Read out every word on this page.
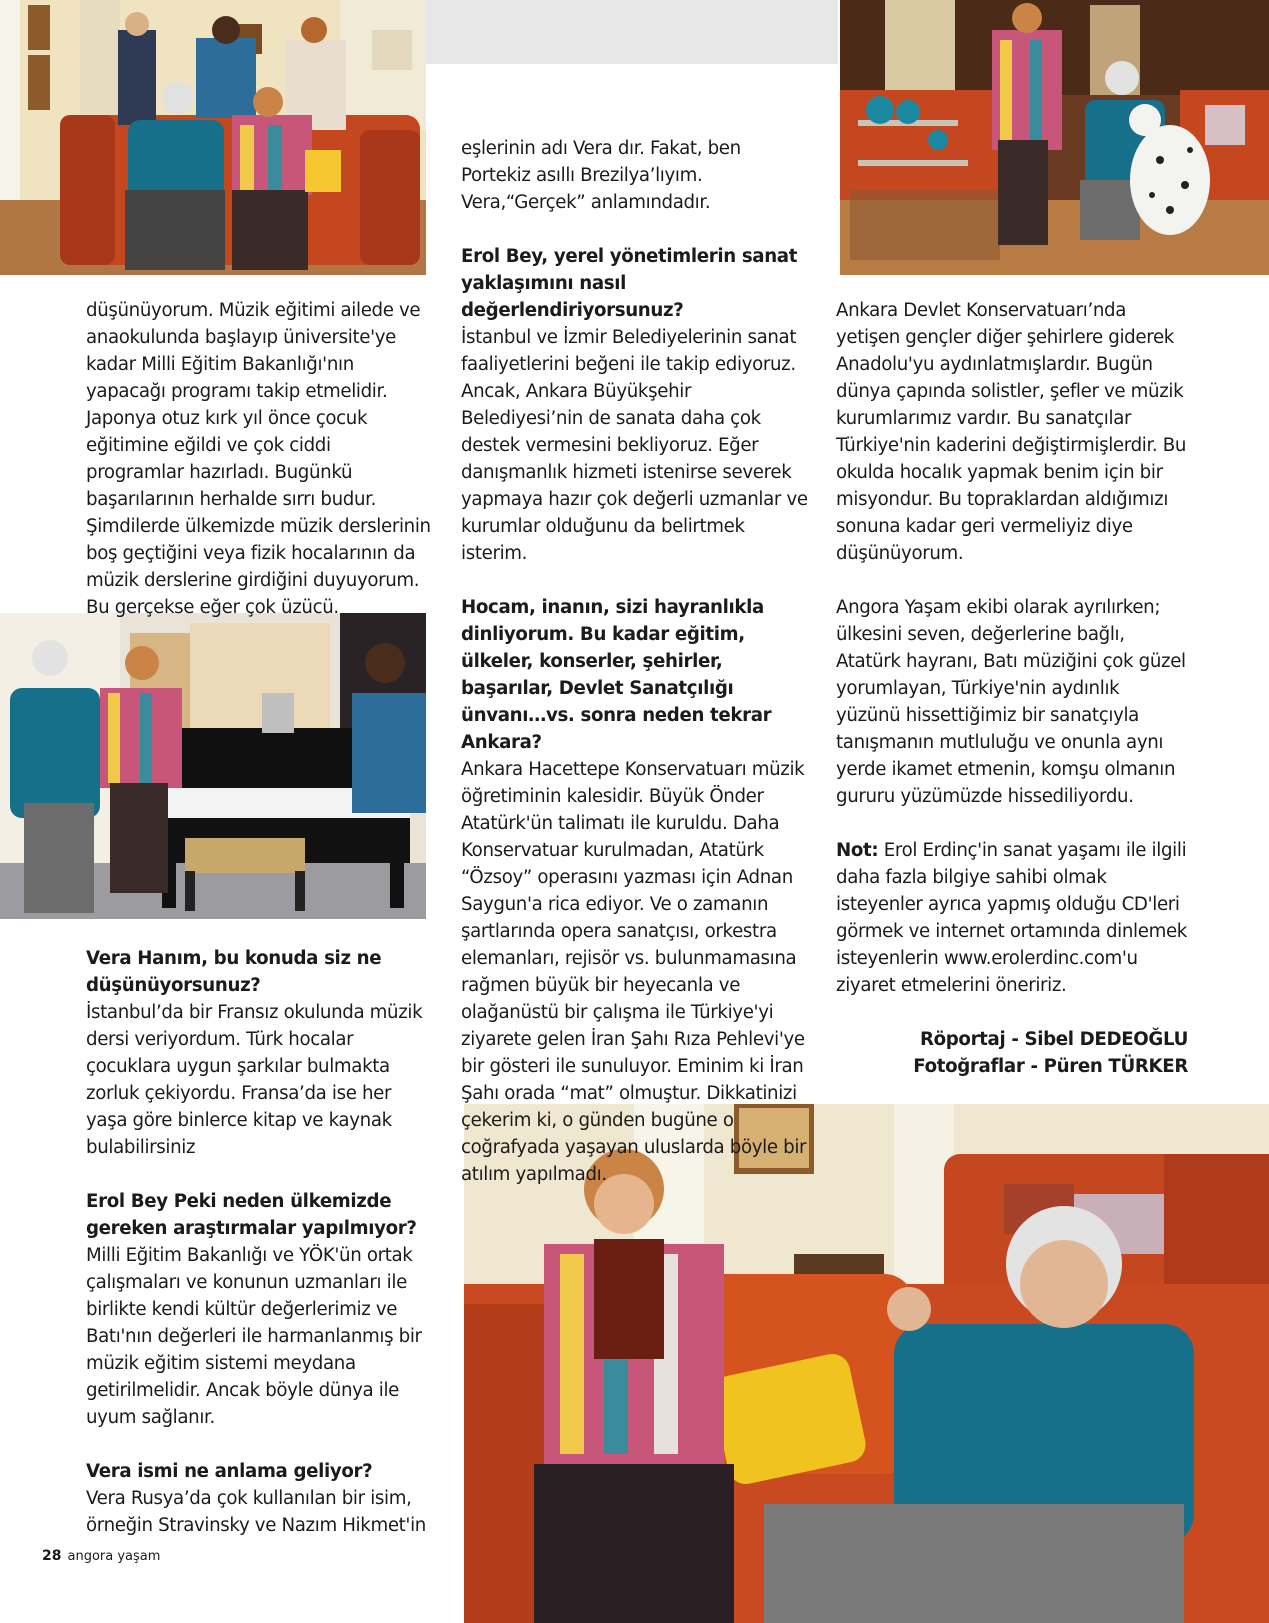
düşünüyorum. Müzik eğitimi ailede ve anaokulunda başlayıp üniversite'ye kadar Milli Eğitim Bakanlığı'nın yapacağı programı takip etmelidir. Japonya otuz kırk yıl önce çocuk eğitimine eğildi ve çok ciddi programlar hazırladı. Bugünkü başarılarının herhalde sırrı budur. Şimdilerde ülkemizde müzik derslerinin boş geçtiğini veya fizik hocalarının da müzik derslerine girdiğini duyuyorum. Bu gerçekse eğer çok üzücü.

Vera Hanım, bu konuda siz ne düşünüyorsunuz?

İstanbul’da bir Fransız okulunda müzik dersi veriyordum. Türk hocalar çocuklara uygun şarkılar bulmakta zorluk çekiyordu. Fransa’da ise her yaşa göre binlerce kitap ve kaynak bulabilirsiniz

Erol Bey Peki neden ülkemizde gereken araştırmalar yapılmıyor?

Milli Eğitim Bakanlığı ve YÖK'ün ortak çalışmaları ve konunun uzmanları ile birlikte kendi kültür değerlerimiz ve Batı'nın değerleri ile harmanlanmış bir müzik eğitim sistemi meydana getirilmelidir. Ancak böyle dünya ile uyum sağlanır.

Vera ismi ne anlama geliyor?

Vera Rusya’da çok kullanılan bir isim, örneğin Stravinsky ve Nazım Hikmet'in

eşlerinin adı Vera dır. Fakat, ben Portekiz asıllı Brezilya’lıyım. Vera,“Gerçek” anlamındadır.

Erol Bey, yerel yönetimlerin sanat yaklaşımını nasıl değerlendiriyorsunuz?

İstanbul ve İzmir Belediyelerinin sanat faaliyetlerini beğeni ile takip ediyoruz. Ancak, Ankara Büyükşehir Belediyesi’nin de sanata daha çok destek vermesini bekliyoruz. Eğer danışmanlık hizmeti istenirse severek yapmaya hazır çok değerli uzmanlar ve kurumlar olduğunu da belirtmek isterim.

Hocam, inanın, sizi hayranlıkla dinliyorum. Bu kadar eğitim, ülkeler, konserler, şehirler, başarılar, Devlet Sanatçılığı ünvanı…vs. sonra neden tekrar Ankara?

Ankara Hacettepe Konservatuarı müzik öğretiminin kalesidir. Büyük Önder Atatürk'ün talimatı ile kuruldu. Daha Konservatuar kurulmadan, Atatürk “Özsoy” operasını yazması için Adnan Saygun'a rica ediyor. Ve o zamanın şartlarında opera sanatçısı, orkestra elemanları, rejisör vs. bulunmamasına rağmen büyük bir heyecanla ve olağanüstü bir çalışma ile Türkiye'yi ziyarete gelen İran Şahı Rıza Pehlevi'ye bir gösteri ile sunuluyor. Eminim ki İran Şahı orada “mat” olmuştur. Dikkatinizi çekerim ki, o günden bugüne o coğrafyada yaşayan uluslarda böyle bir atılım yapılmadı.

Ankara Devlet Konservatuarı’nda yetişen gençler diğer şehirlere giderek Anadolu'yu aydınlatmışlardır. Bugün dünya çapında solistler, şefler ve müzik kurumlarımız vardır. Bu sanatçılar Türkiye'nin kaderini değiştirmişlerdir. Bu okulda hocalık yapmak benim için bir misyondur. Bu topraklardan aldığımızı sonuna kadar geri vermeliyiz diye düşünüyorum.

Angora Yaşam ekibi olarak ayrılırken; ülkesini seven, değerlerine bağlı, Atatürk hayranı, Batı müziğini çok güzel yorumlayan, Türkiye'nin aydınlık yüzünü hissettiğimiz bir sanatçıyla tanışmanın mutluluğu ve onunla aynı yerde ikamet etmenin, komşu olmanın gururu yüzümüzde hissediliyordu.

Not: Erol Erdinç'in sanat yaşamı ile ilgili daha fazla bilgiye sahibi olmak isteyenler ayrıca yapmış olduğu CD'leri görmek ve internet ortamında dinlemek isteyenlerin www.erolerdinc.com'u ziyaret etmelerini öneririz.

Röportaj - Sibel DEDEOĞLU

Fotoğraflar - Püren TÜRKER

28 angora yaşam
